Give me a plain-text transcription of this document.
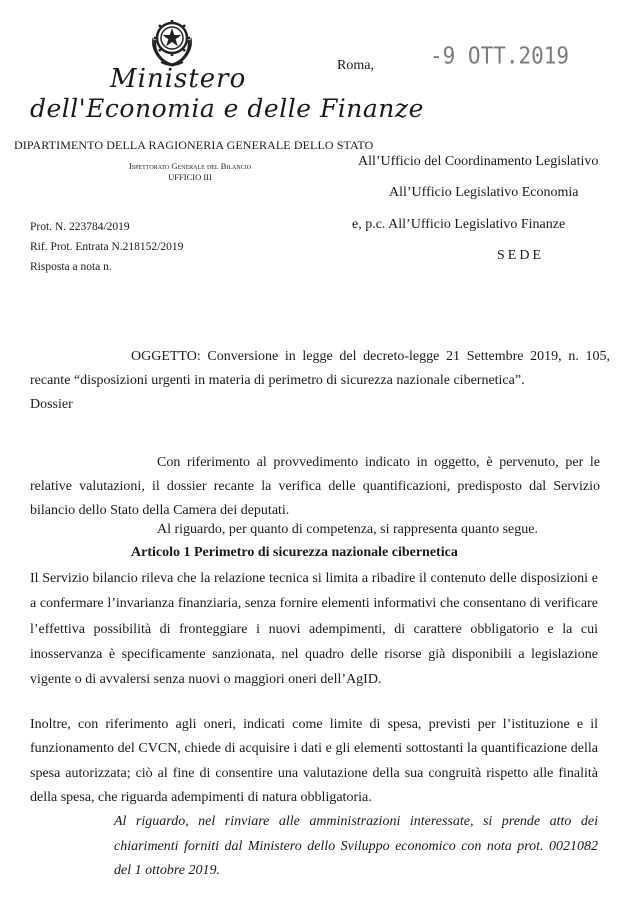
Ministero
dell'Economia e delle Finanze
DIPARTIMENTO DELLA RAGIONERIA GENERALE DELLO STATO
Ispettorato Generale del Bilancio
UFFICIO III
Roma,	-9 OTT.2019
All’Ufficio del Coordinamento Legislativo
All’Ufficio Legislativo Economia
e, p.c. All’Ufficio Legislativo Finanze
SEDE
Prot. N. 223784/2019
Rif. Prot. Entrata N.218152/2019
Risposta a nota n.
OGGETTO: Conversione in legge del decreto-legge 21 Settembre 2019, n. 105, recante “disposizioni urgenti in materia di perimetro di sicurezza nazionale cibernetica”.
Dossier
Con riferimento al provvedimento indicato in oggetto, è pervenuto, per le relative valutazioni, il dossier recante la verifica delle quantificazioni, predisposto dal Servizio bilancio dello Stato della Camera dei deputati.
Al riguardo, per quanto di competenza, si rappresenta quanto segue.
Articolo 1 Perimetro di sicurezza nazionale cibernetica
Il Servizio bilancio rileva che la relazione tecnica si limita a ribadire il contenuto delle disposizioni e a confermare l’invarianza finanziaria, senza fornire elementi informativi che consentano di verificare l’effettiva possibilità di fronteggiare i nuovi adempimenti, di carattere obbligatorio e la cui inosservanza è specificamente sanzionata, nel quadro delle risorse già disponibili a legislazione vigente o di avvalersi senza nuovi o maggiori oneri dell’AgID.
Inoltre, con riferimento agli oneri, indicati come limite di spesa, previsti per l’istituzione e il funzionamento del CVCN, chiede di acquisire i dati e gli elementi sottostanti la quantificazione della spesa autorizzata; ciò al fine di consentire una valutazione della sua congruità rispetto alle finalità della spesa, che riguarda adempimenti di natura obbligatoria.
Al riguardo, nel rinviare alle amministrazioni interessate, si prende atto dei chiarimenti forniti dal Ministero dello Sviluppo economico con nota prot. 0021082 del 1 ottobre 2019.
